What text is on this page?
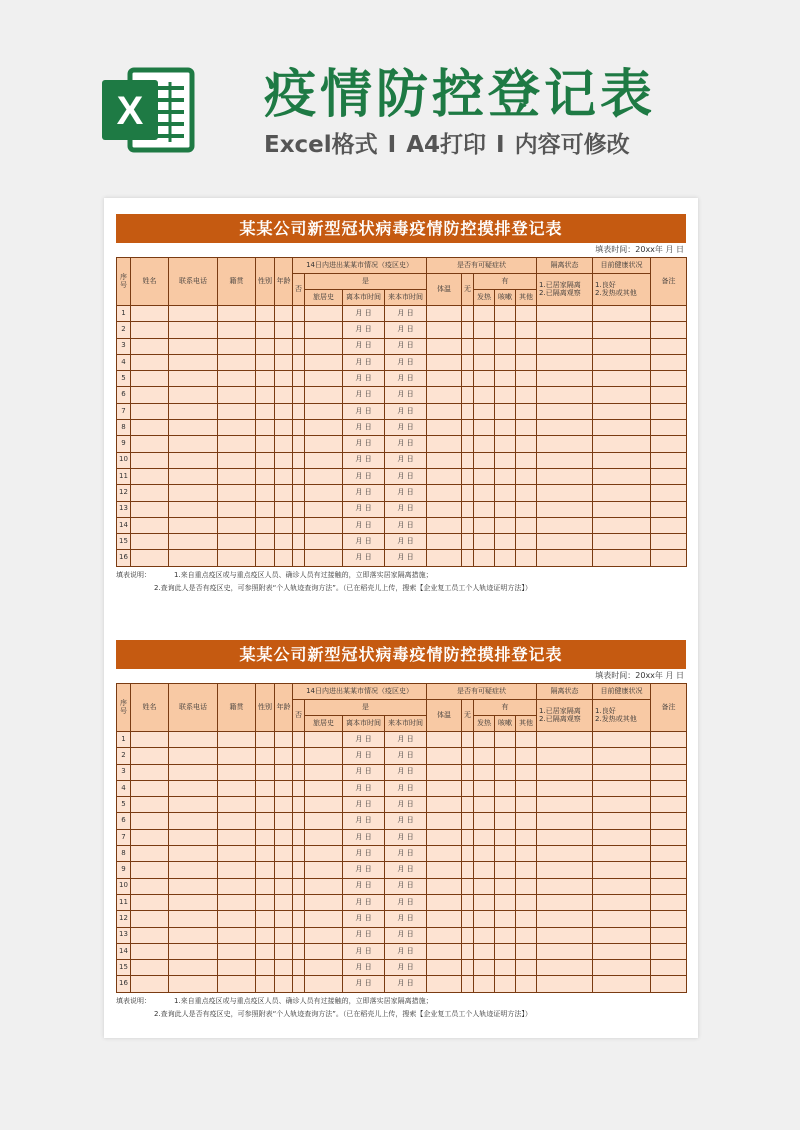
X 疫情防控登记表
Excel格式 I A4打印 I 内容可修改
某某公司新型冠状病毒疫情防控摸排登记表
填表时间：20xx年 月 日
序号	姓名	联系电话	籍贯	性别	年龄	14日内进出某某市情况（疫区史）				是否有可疑症状					隔离状态	目前健康状况	备注
						否	是			体温	无	有			1.已居家隔离
2.已隔离观察	1.良好
2.发热或其他	
							旅居史	离本市时间	来本市时间			发热	咳嗽	其他			
1								月 日	月 日								
2								月 日	月 日								
3								月 日	月 日								
4								月 日	月 日								
5								月 日	月 日								
6								月 日	月 日								
7								月 日	月 日								
8								月 日	月 日								
9								月 日	月 日								
10								月 日	月 日								
11								月 日	月 日								
12								月 日	月 日								
13								月 日	月 日								
14								月 日	月 日								
15								月 日	月 日								
16								月 日	月 日								
填表说明：	1.来自重点疫区或与重点疫区人员、确诊人员有过接触的，立即落实居家隔离措施；
2.查询此人是否有疫区史，可参照附表“个人轨迹查询方法”。（已在稻壳儿上传，搜索【企业复工员工个人轨迹证明方法】）
某某公司新型冠状病毒疫情防控摸排登记表
填表时间：20xx年 月 日
序号	姓名	联系电话	籍贯	性别	年龄	14日内进出某某市情况（疫区史）				是否有可疑症状					隔离状态	目前健康状况	备注
						否	是			体温	无	有			1.已居家隔离
2.已隔离观察	1.良好
2.发热或其他	
							旅居史	离本市时间	来本市时间			发热	咳嗽	其他			
1								月 日	月 日								
2								月 日	月 日								
3								月 日	月 日								
4								月 日	月 日								
5								月 日	月 日								
6								月 日	月 日								
7								月 日	月 日								
8								月 日	月 日								
9								月 日	月 日								
10								月 日	月 日								
11								月 日	月 日								
12								月 日	月 日								
13								月 日	月 日								
14								月 日	月 日								
15								月 日	月 日								
16								月 日	月 日								
填表说明：	1.来自重点疫区或与重点疫区人员、确诊人员有过接触的，立即落实居家隔离措施；
2.查询此人是否有疫区史，可参照附表“个人轨迹查询方法”。（已在稻壳儿上传，搜索【企业复工员工个人轨迹证明方法】）
